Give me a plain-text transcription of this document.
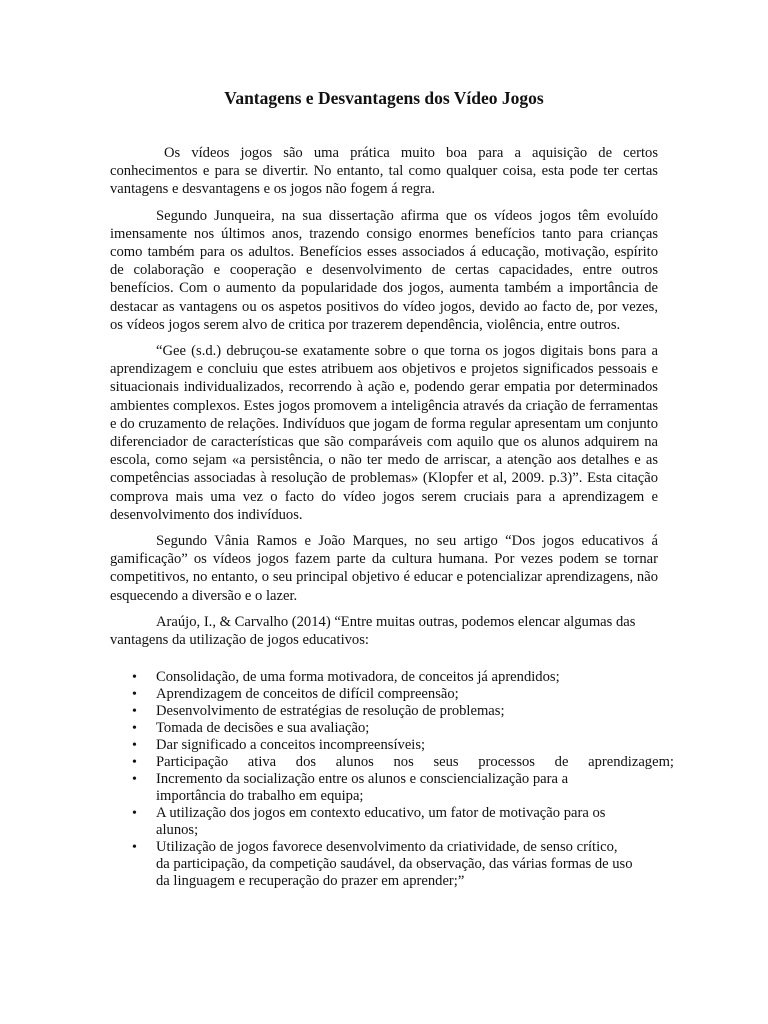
Vantagens e Desvantagens dos Vídeo Jogos

Os vídeos jogos são uma prática muito boa para a aquisição de certos conhecimentos e para se divertir. No entanto, tal como qualquer coisa, esta pode ter certas vantagens e desvantagens e os jogos não fogem á regra.

Segundo Junqueira, na sua dissertação afirma que os vídeos jogos têm evoluído imensamente nos últimos anos, trazendo consigo enormes benefícios tanto para crianças como também para os adultos. Benefícios esses associados á educação, motivação, espírito de colaboração e cooperação e desenvolvimento de certas capacidades, entre outros benefícios. Com o aumento da popularidade dos jogos, aumenta também a importância de destacar as vantagens ou os aspetos positivos do vídeo jogos, devido ao facto de, por vezes, os vídeos jogos serem alvo de critica por trazerem dependência, violência, entre outros.

“Gee (s.d.) debruçou-se exatamente sobre o que torna os jogos digitais bons para a aprendizagem e concluiu que estes atribuem aos objetivos e projetos significados pessoais e situacionais individualizados, recorrendo à ação e, podendo gerar empatia por determinados ambientes complexos. Estes jogos promovem a inteligência através da criação de ferramentas e do cruzamento de relações. Indivíduos que jogam de forma regular apresentam um conjunto diferenciador de características que são comparáveis com aquilo que os alunos adquirem na escola, como sejam «a persistência, o não ter medo de arriscar, a atenção aos detalhes e as competências associadas à resolução de problemas» (Klopfer et al, 2009. p.3)”. Esta citação comprova mais uma vez o facto do vídeo jogos serem cruciais para a aprendizagem e desenvolvimento dos indivíduos.

Segundo Vânia Ramos e João Marques, no seu artigo “Dos jogos educativos á gamificação” os vídeos jogos fazem parte da cultura humana. Por vezes podem se tornar competitivos, no entanto, o seu principal objetivo é educar e potencializar aprendizagens, não esquecendo a diversão e o lazer.

Araújo, I., & Carvalho (2014) “Entre muitas outras, podemos elencar algumas das vantagens da utilização de jogos educativos:

• Consolidação, de uma forma motivadora, de conceitos já aprendidos;
• Aprendizagem de conceitos de difícil compreensão;
• Desenvolvimento de estratégias de resolução de problemas;
• Tomada de decisões e sua avaliação;
• Dar significado a conceitos incompreensíveis;
• Participação ativa dos alunos nos seus processos de aprendizagem;
• Incremento da socialização entre os alunos e consciencialização para a importância do trabalho em equipa;
• A utilização dos jogos em contexto educativo, um fator de motivação para os alunos;
• Utilização de jogos favorece desenvolvimento da criatividade, de senso crítico, da participação, da competição saudável, da observação, das várias formas de uso da linguagem e recuperação do prazer em aprender;”
